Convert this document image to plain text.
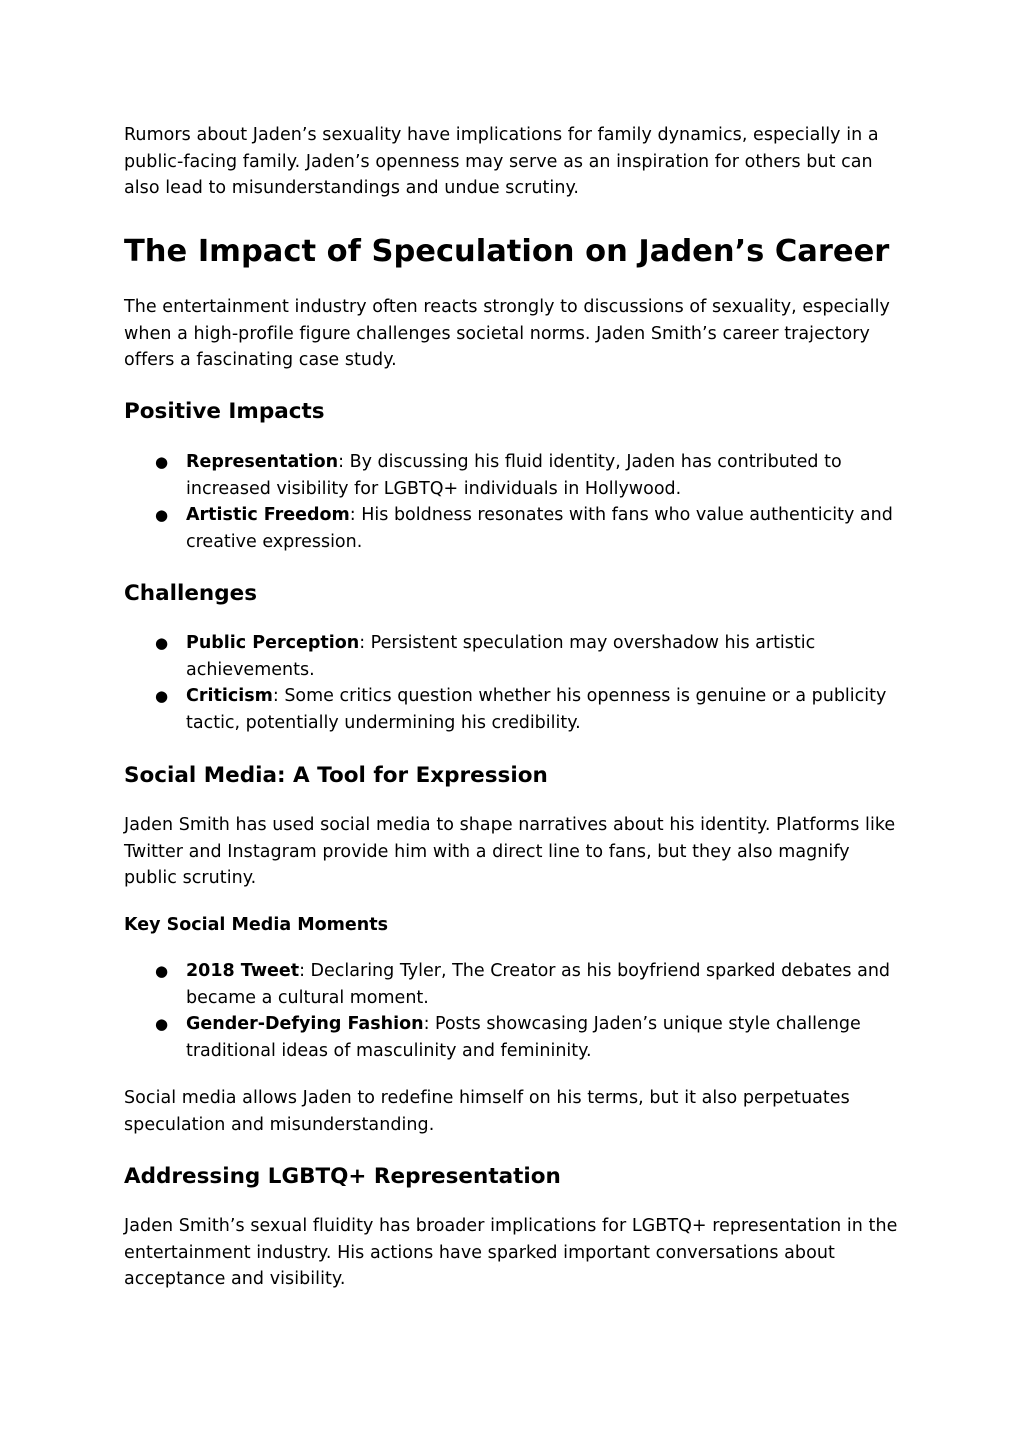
Rumors about Jaden’s sexuality have implications for family dynamics, especially in a public-facing family. Jaden’s openness may serve as an inspiration for others but can also lead to misunderstandings and undue scrutiny.

The Impact of Speculation on Jaden’s Career

The entertainment industry often reacts strongly to discussions of sexuality, especially when a high-profile figure challenges societal norms. Jaden Smith’s career trajectory offers a fascinating case study.

Positive Impacts
● Representation: By discussing his fluid identity, Jaden has contributed to increased visibility for LGBTQ+ individuals in Hollywood.
● Artistic Freedom: His boldness resonates with fans who value authenticity and creative expression.
Challenges
● Public Perception: Persistent speculation may overshadow his artistic achievements.
● Criticism: Some critics question whether his openness is genuine or a publicity tactic, potentially undermining his credibility.
Social Media: A Tool for Expression

Jaden Smith has used social media to shape narratives about his identity. Platforms like Twitter and Instagram provide him with a direct line to fans, but they also magnify public scrutiny.

Key Social Media Moments
● 2018 Tweet: Declaring Tyler, The Creator as his boyfriend sparked debates and became a cultural moment.
● Gender-Defying Fashion: Posts showcasing Jaden’s unique style challenge traditional ideas of masculinity and femininity.

Social media allows Jaden to redefine himself on his terms, but it also perpetuates speculation and misunderstanding.

Addressing LGBTQ+ Representation

Jaden Smith’s sexual fluidity has broader implications for LGBTQ+ representation in the entertainment industry. His actions have sparked important conversations about acceptance and visibility.
